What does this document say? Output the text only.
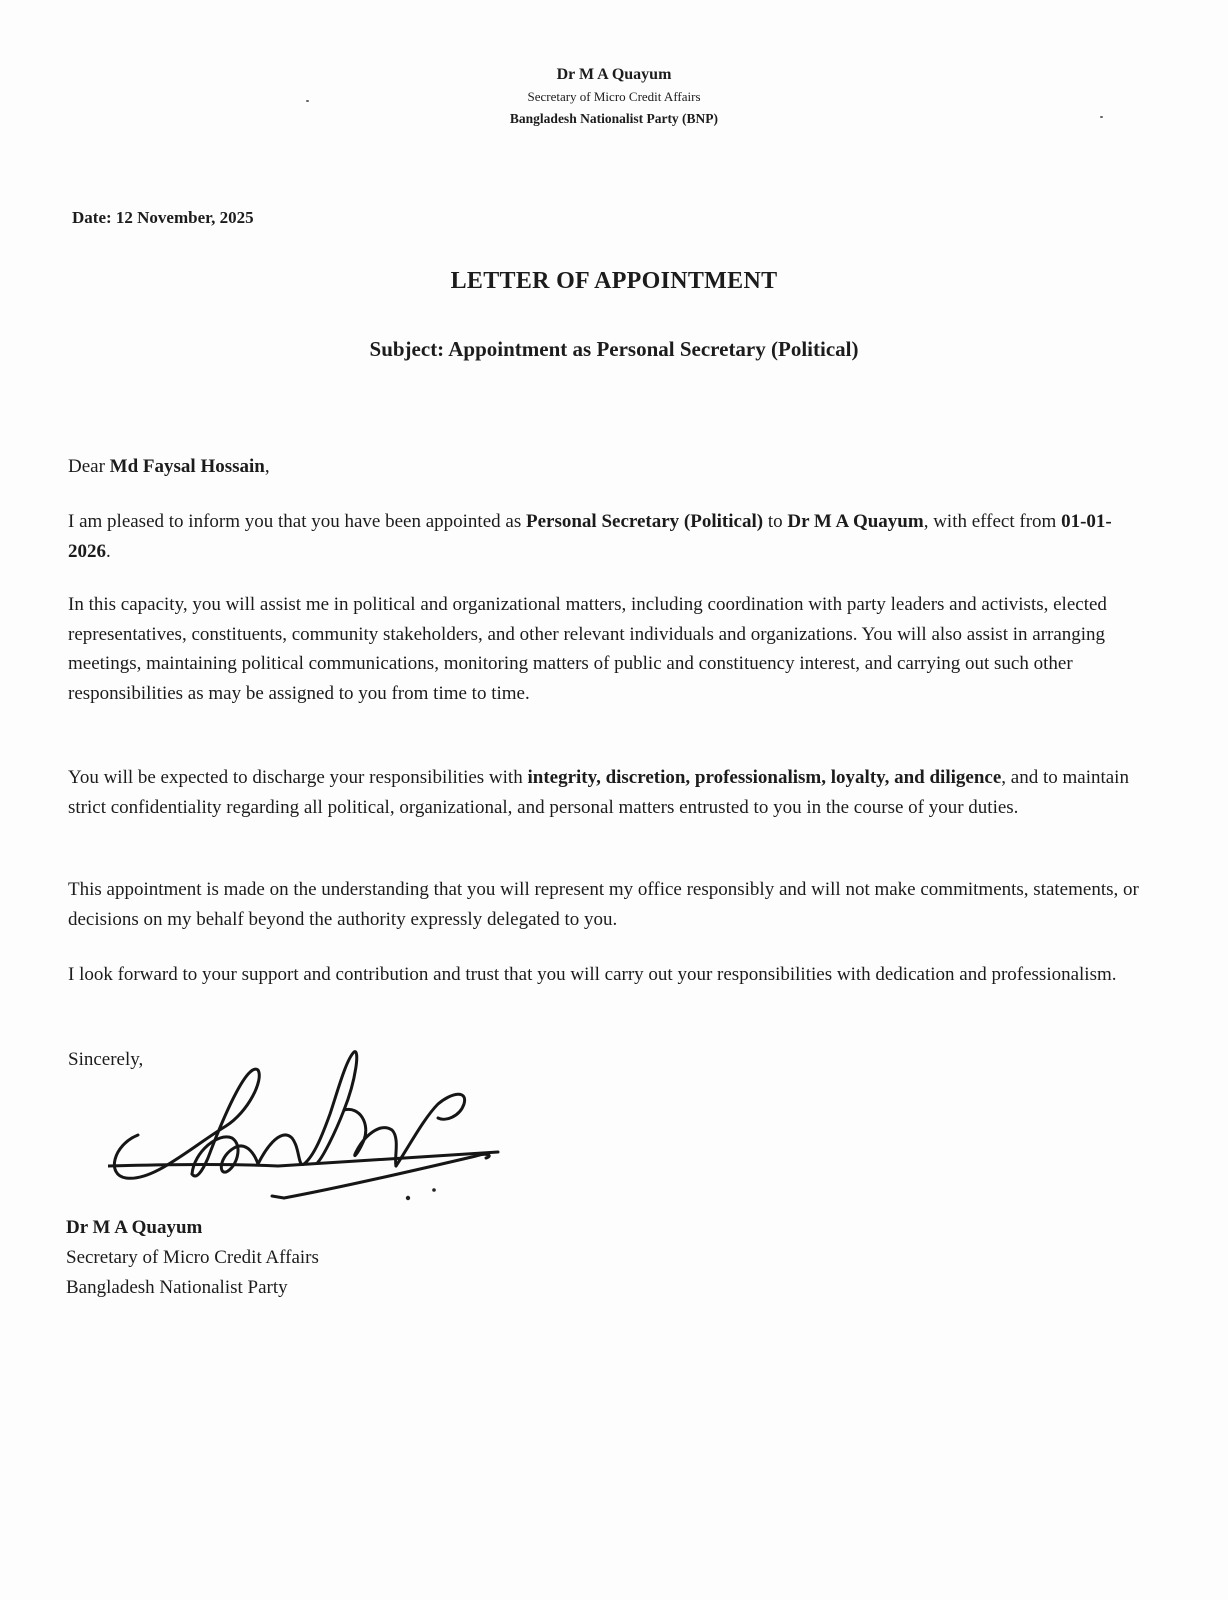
Dr M A Quayum
Secretary of Micro Credit Affairs
Bangladesh Nationalist Party (BNP)
Date: 12 November, 2025
LETTER OF APPOINTMENT
Subject: Appointment as Personal Secretary (Political)
Dear Md Faysal Hossain,
I am pleased to inform you that you have been appointed as Personal Secretary (Political) to Dr M A Quayum, with effect from 01-01-2026.
In this capacity, you will assist me in political and organizational matters, including coordination with party leaders and activists, elected representatives, constituents, community stakeholders, and other relevant individuals and organizations. You will also assist in arranging meetings, maintaining political communications, monitoring matters of public and constituency interest, and carrying out such other responsibilities as may be assigned to you from time to time.
You will be expected to discharge your responsibilities with integrity, discretion, professionalism, loyalty, and diligence, and to maintain strict confidentiality regarding all political, organizational, and personal matters entrusted to you in the course of your duties.
This appointment is made on the understanding that you will represent my office responsibly and will not make commitments, statements, or decisions on my behalf beyond the authority expressly delegated to you.
I look forward to your support and contribution and trust that you will carry out your responsibilities with dedication and professionalism.
Sincerely,
Dr M A Quayum
Secretary of Micro Credit Affairs
Bangladesh Nationalist Party
